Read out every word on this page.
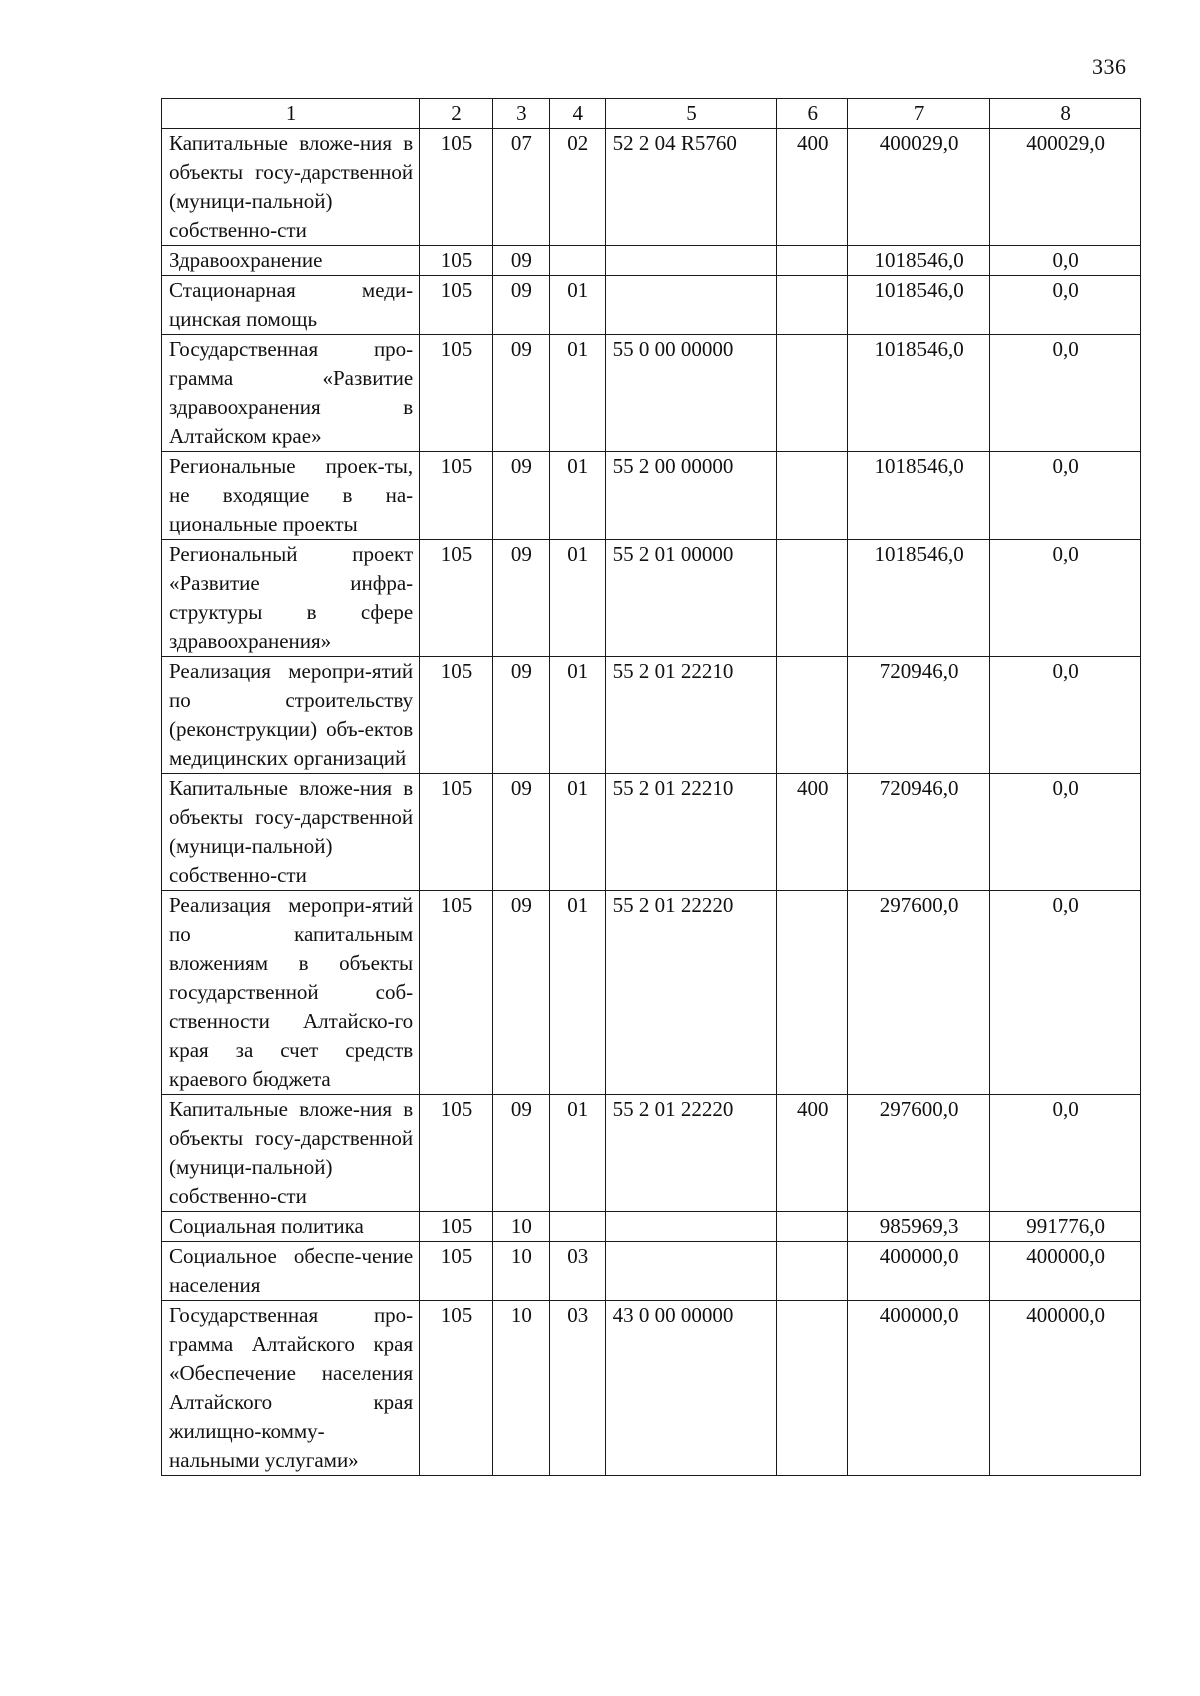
336
1	2	3	4	5	6	7	8
Капитальные вложе-ния в объекты госу-дарственной (муници-пальной) собственно-сти	105	07	02	52 2 04 R5760	400	400029,0	400029,0
Здравоохранение	105	09				1018546,0	0,0
Стационарная меди-цинская помощь	105	09	01			1018546,0	0,0
Государственная про-грамма «Развитие здравоохранения в Алтайском крае»	105	09	01	55 0 00 00000		1018546,0	0,0
Региональные проек-ты, не входящие в на-циональные проекты	105	09	01	55 2 00 00000		1018546,0	0,0
Региональный проект «Развитие инфра-структуры в сфере здравоохранения»	105	09	01	55 2 01 00000		1018546,0	0,0
Реализация меропри-ятий по строительству (реконструкции) объ-ектов медицинских организаций	105	09	01	55 2 01 22210		720946,0	0,0
Капитальные вложе-ния в объекты госу-дарственной (муници-пальной) собственно-сти	105	09	01	55 2 01 22210	400	720946,0	0,0
Реализация меропри-ятий по капитальным вложениям в объекты государственной соб-ственности Алтайско-го края за счет средств краевого бюджета	105	09	01	55 2 01 22220		297600,0	0,0
Капитальные вложе-ния в объекты госу-дарственной (муници-пальной) собственно-сти	105	09	01	55 2 01 22220	400	297600,0	0,0
Социальная политика	105	10				985969,3	991776,0
Социальное обеспе-чение населения	105	10	03			400000,0	400000,0
Государственная про-грамма Алтайского края «Обеспечение населения Алтайского края жилищно-комму-нальными услугами»	105	10	03	43 0 00 00000		400000,0	400000,0
